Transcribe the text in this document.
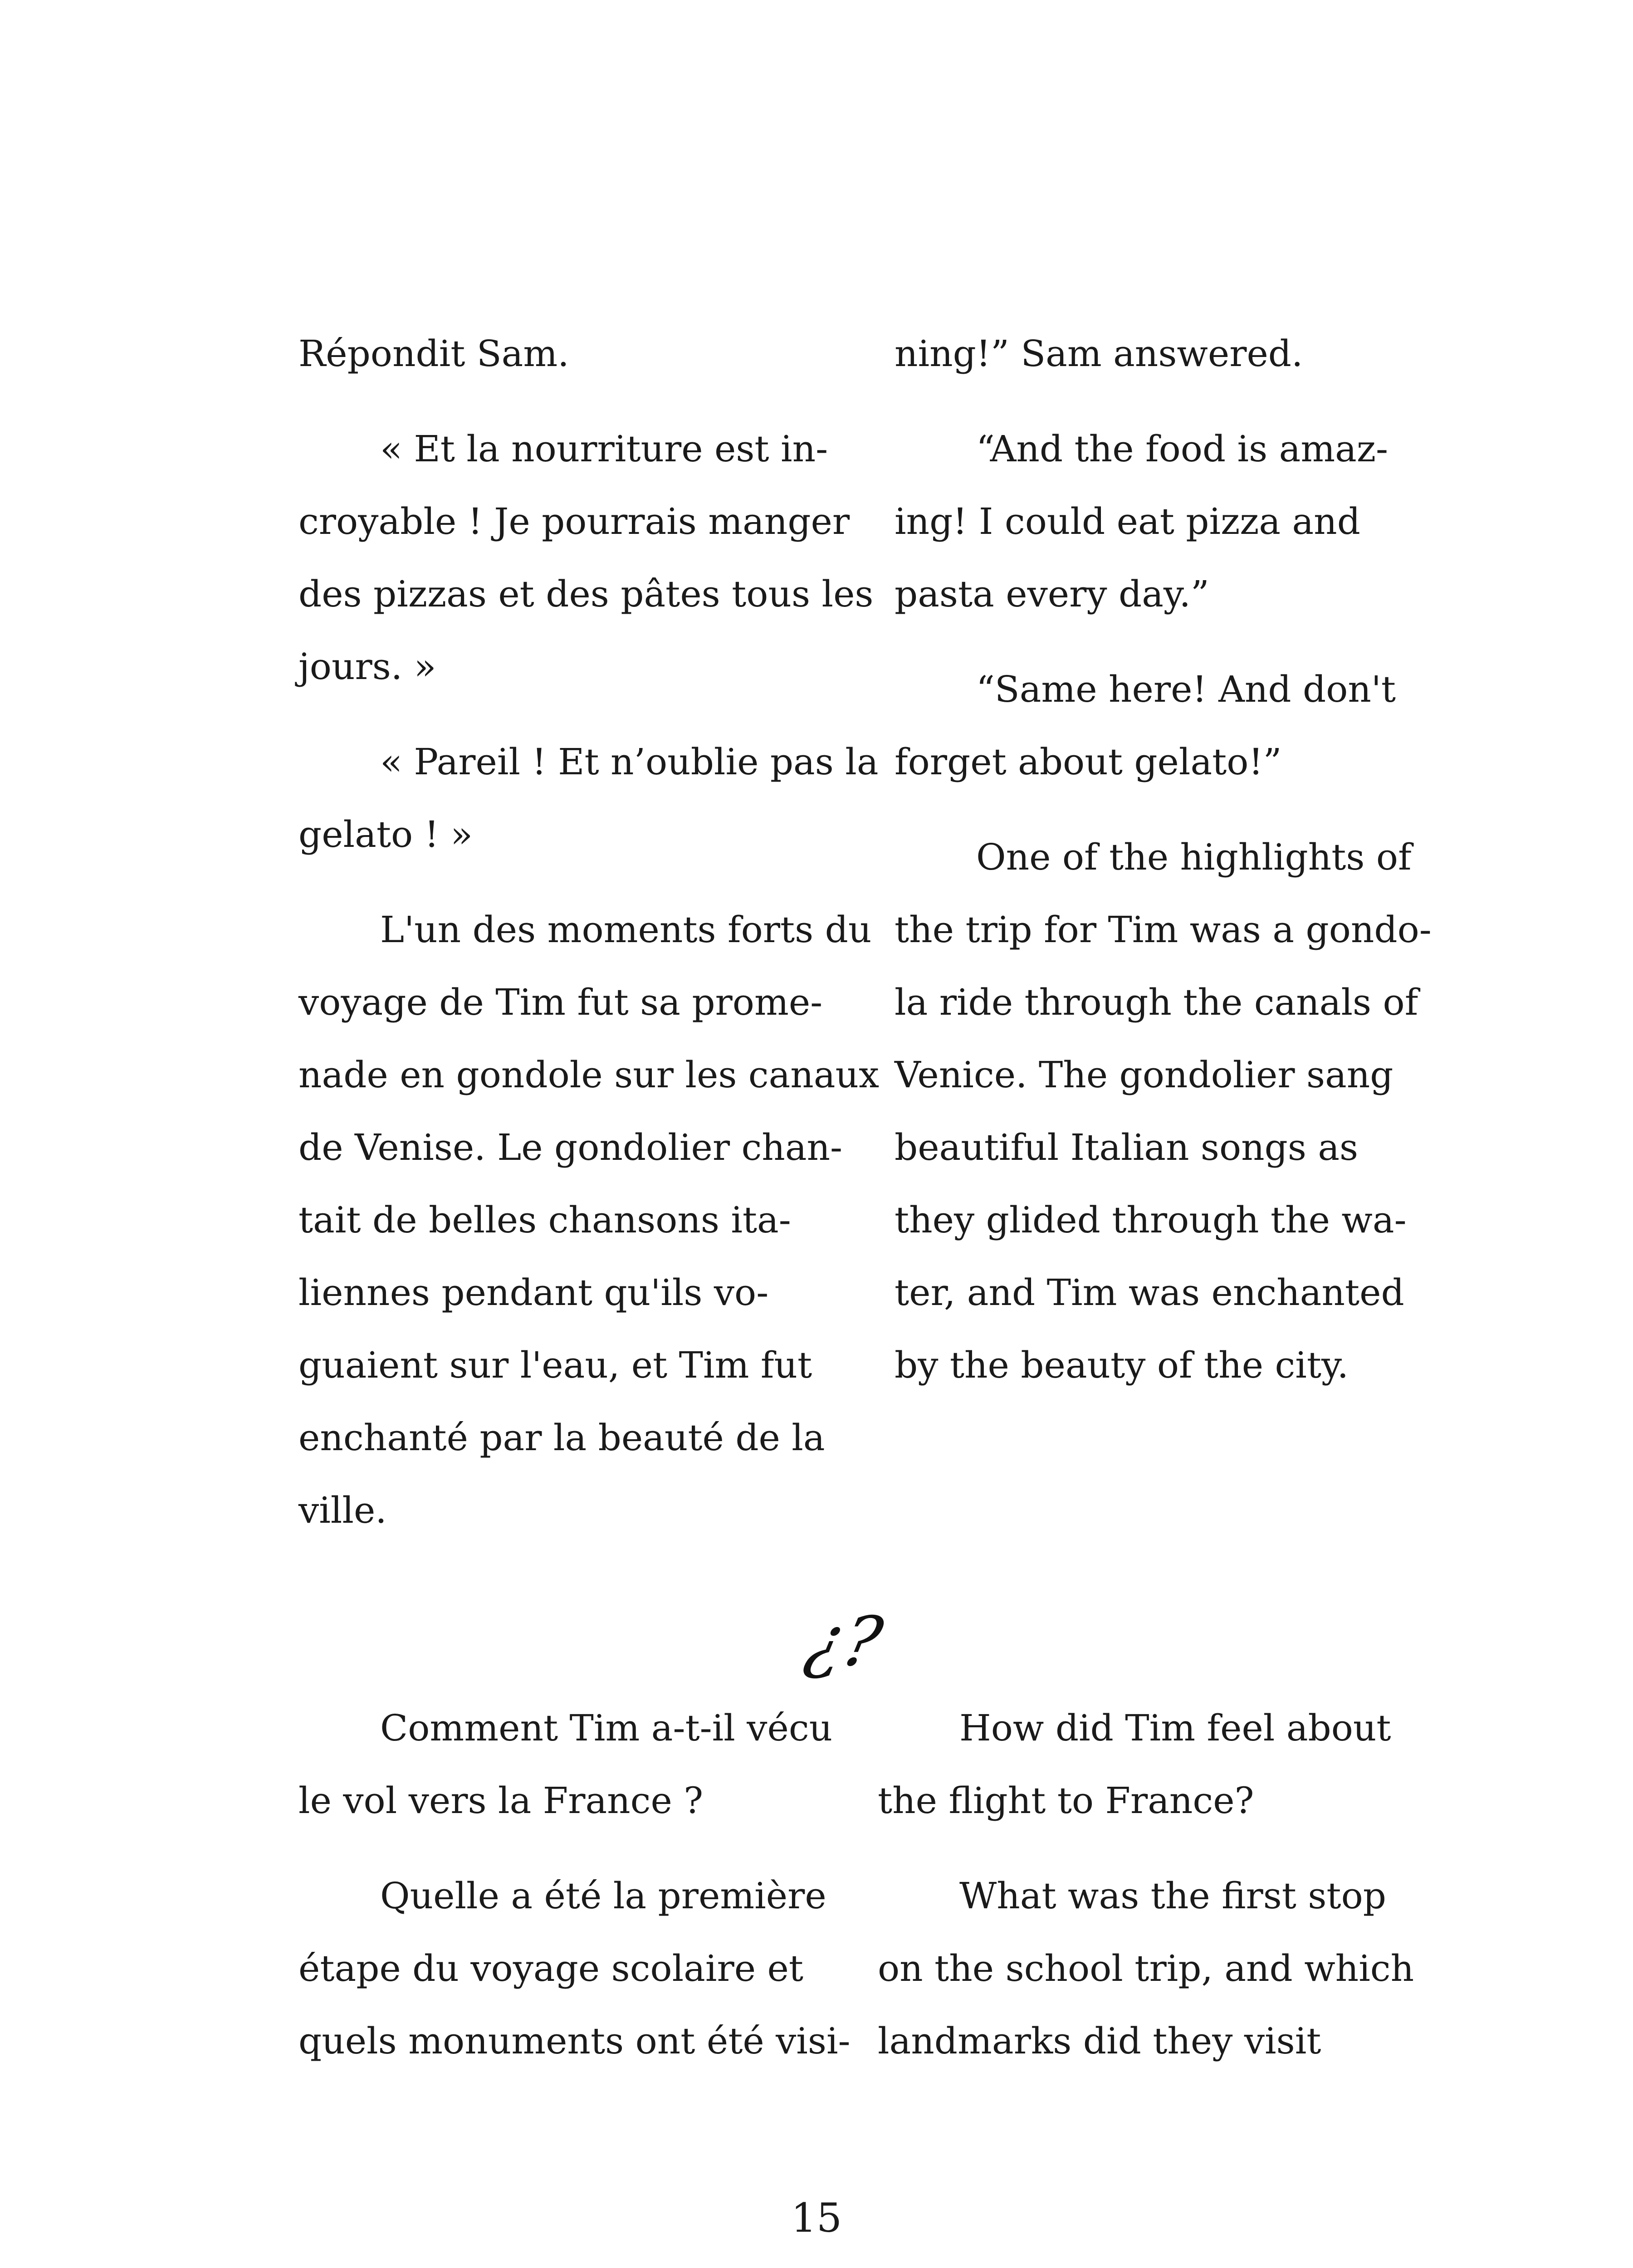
Répondit Sam.

« Et la nourriture est in-

croyable ! Je pourrais manger

des pizzas et des pâtes tous les

jours. »

« Pareil ! Et n’oublie pas la

gelato ! »

L'un des moments forts du

voyage de Tim fut sa prome-

nade en gondole sur les canaux

de Venise. Le gondolier chan-

tait de belles chansons ita-

liennes pendant qu'ils vo-

guaient sur l'eau, et Tim fut

enchanté par la beauté de la

ville.

ning!” Sam answered.

“And the food is amaz-

ing! I could eat pizza and

pasta every day.”

“Same here! And don't

forget about gelato!”

One of the highlights of

the trip for Tim was a gondo-

la ride through the canals of

Venice. The gondolier sang

beautiful Italian songs as

they glided through the wa-

ter, and Tim was enchanted

by the beauty of the city.

¿?

Comment Tim a-t-il vécu

le vol vers la France ?

Quelle a été la première

étape du voyage scolaire et

quels monuments ont été visi-

How did Tim feel about

the flight to France?

What was the first stop

on the school trip, and which

landmarks did they visit

15
